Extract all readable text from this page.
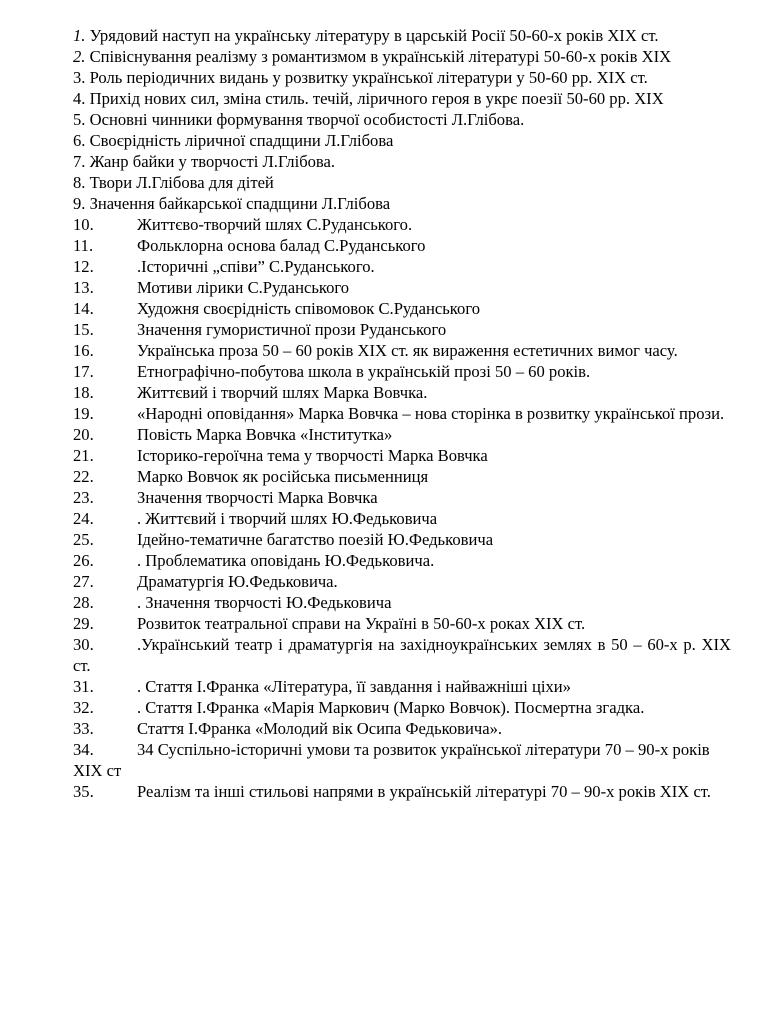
1. Урядовий наступ на українську літературу в царській Росії 50-60-х років XIX ст.

2. Співіснування реалізму з романтизмом в українській літературі 50-60-х років XIX

3. Роль періодичних видань у розвитку української літератури у 50-60 рр. XIX ст.

4. Прихід нових сил, зміна стиль. течій, ліричного героя в укрє поезії 50-60 рр. XIX

5. Основні чинники формування творчої особистості Л.Глібова.

6. Своєрідність ліричної спадщини Л.Глібова

7. Жанр байки у творчості Л.Глібова.

8. Твори Л.Глібова для дітей

9. Значення байкарської спадщини Л.Глібова

10.	Життєво-творчий шлях С.Руданського.

11.	Фольклорна основа балад С.Руданського

12.	.Історичні „співи” С.Руданського.

13.	Мотиви лірики С.Руданського

14.	Художня своєрідність співомовок С.Руданського

15.	Значення гумористичної прози Руданського

16.	Українська проза 50 – 60 років XIX ст. як вираження естетичних вимог часу.

17.	Етнографічно-побутова школа в українській прозі 50 – 60 років.

18.	Життєвий і творчий шлях Марка Вовчка.

19.	«Народні оповідання» Марка Вовчка – нова сторінка в розвитку української прози.

20.	Повість Марка Вовчка «Інститутка»

21.	Історико-героїчна тема у творчості Марка Вовчка

22.	Марко Вовчок як російська письменниця

23.	Значення творчості Марка Вовчка

24.	. Життєвий і творчий шлях Ю.Федьковича

25.	Ідейно-тематичне багатство поезій Ю.Федьковича

26.	. Проблематика оповідань Ю.Федьковича.

27.	Драматургія Ю.Федьковича.

28.	. Значення творчості Ю.Федьковича

29.	Розвиток театральної справи на Україні в 50-60-х роках XIX ст.

30.	.Український театр і драматургія на західноукраїнських землях в 50 – 60-х р. XIX ст.

31.	. Стаття І.Франка «Література, її завдання і найважніші ціхи»

32.	. Стаття І.Франка «Марія Маркович (Марко Вовчок). Посмертна згадка.

33.	Стаття І.Франка «Молодий вік Осипа Федьковича».

34.	34 Суспільно-історичні умови та розвиток української літератури 70 – 90-х років XIX ст

35.	Реалізм та інші стильові напрями в українській літературі 70 – 90-х років XIX ст.
